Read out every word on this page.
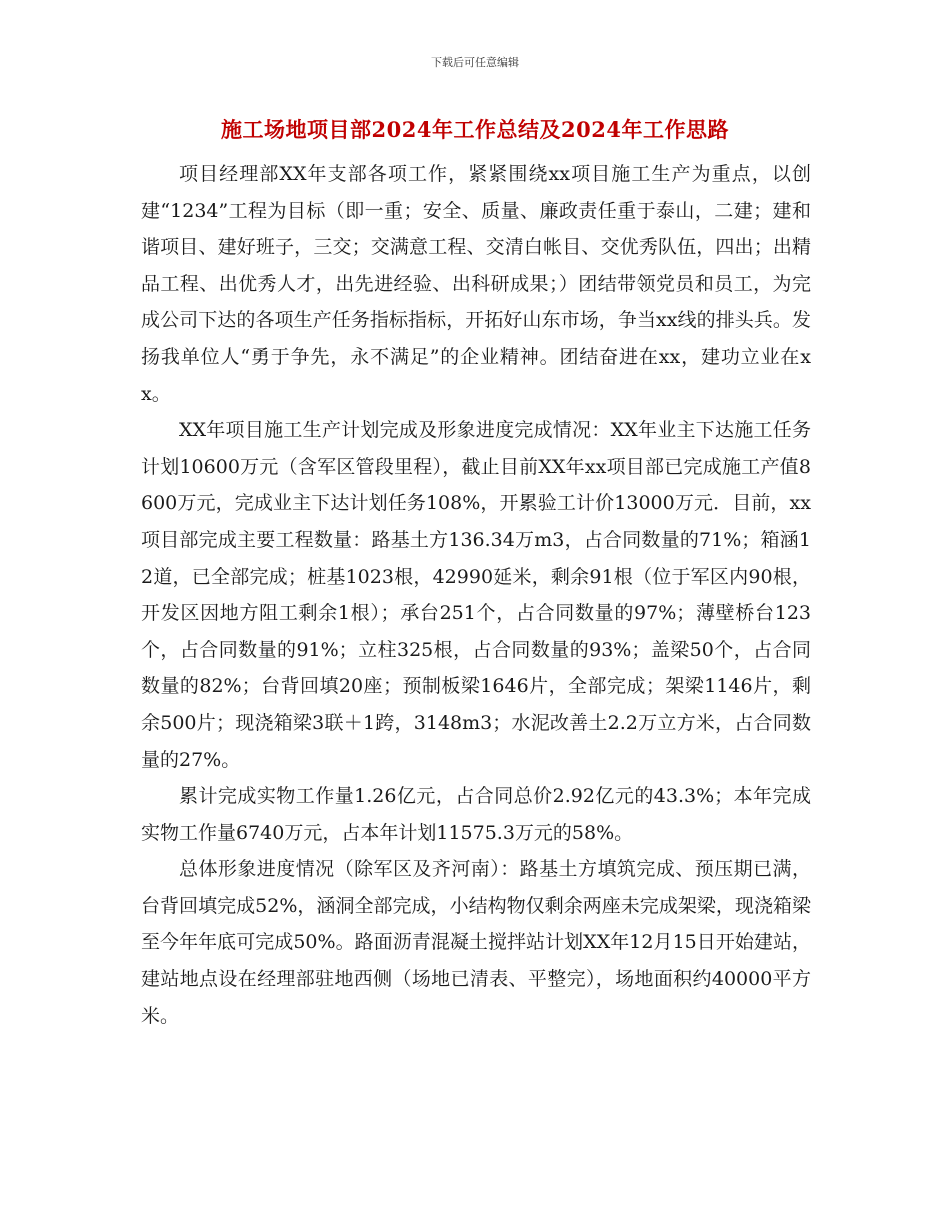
下载后可任意编辑
施工场地项目部2024年工作总结及2024年工作思路

项目经理部XX年支部各项工作，紧紧围绕xx项目施工生产为重点，以创建“1234”工程为目标（即一重；安全、质量、廉政责任重于泰山，二建；建和谐项目、建好班子，三交；交满意工程、交清白帐目、交优秀队伍，四出；出精品工程、出优秀人才，出先进经验、出科研成果；）团结带领党员和员工，为完成公司下达的各项生产任务指标指标，开拓好山东市场，争当xx线的排头兵。发扬我单位人“勇于争先，永不满足”的企业精神。团结奋进在xx，建功立业在xx。

XX年项目施工生产计划完成及形象进度完成情况：XX年业主下达施工任务计划10600万元（含军区管段里程），截止目前XX年xx项目部已完成施工产值8600万元，完成业主下达计划任务108%，开累验工计价13000万元．目前，xx项目部完成主要工程数量：路基土方136.34万m3，占合同数量的71%；箱涵12道，已全部完成；桩基1023根，42990延米，剩余91根（位于军区内90根，开发区因地方阻工剩余1根）；承台251个，占合同数量的97%；薄壁桥台123个，占合同数量的91%；立柱325根，占合同数量的93%；盖梁50个，占合同数量的82%；台背回填20座；预制板梁1646片，全部完成；架梁1146片，剩余500片；现浇箱梁3联＋1跨，3148m3；水泥改善土2.2万立方米，占合同数量的27%。

累计完成实物工作量1.26亿元，占合同总价2.92亿元的43.3%；本年完成实物工作量6740万元，占本年计划11575.3万元的58%。

总体形象进度情况（除军区及齐河南）：路基土方填筑完成、预压期已满，台背回填完成52%，涵洞全部完成，小结构物仅剩余两座未完成架梁，现浇箱梁至今年年底可完成50%。路面沥青混凝土搅拌站计划XX年12月15日开始建站，建站地点设在经理部驻地西侧（场地已清表、平整完），场地面积约40000平方米。
